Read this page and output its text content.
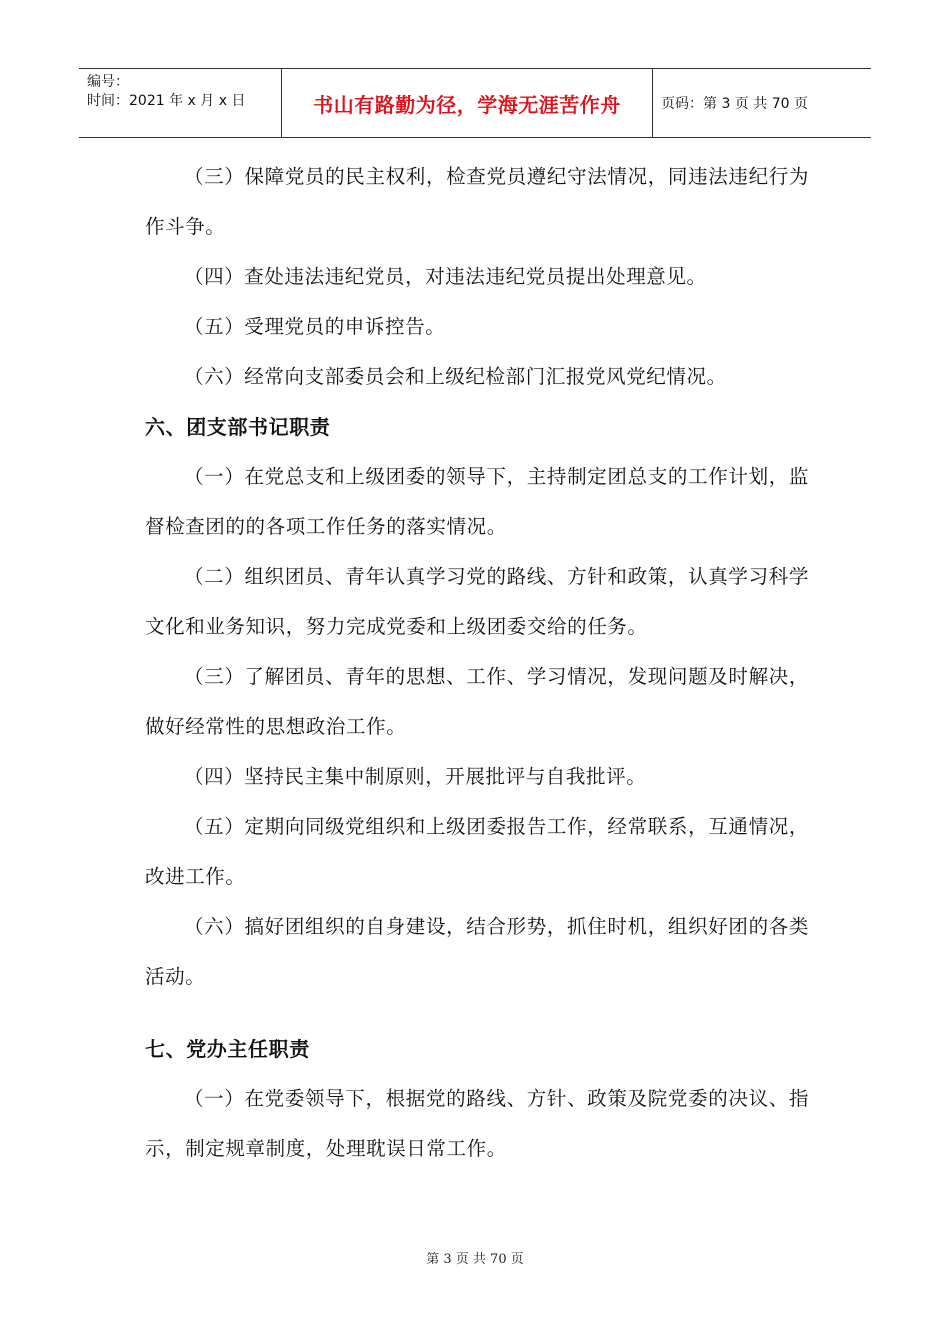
编号：
时间：2021 年 x 月 x 日	书山有路勤为径，学海无涯苦作舟	页码：第 3 页 共 70 页

（三）保障党员的民主权利，检查党员遵纪守法情况，同违法违纪行为作斗争。

（四）查处违法违纪党员，对违法违纪党员提出处理意见。

（五）受理党员的申诉控告。

（六）经常向支部委员会和上级纪检部门汇报党风党纪情况。

六、团支部书记职责

（一）在党总支和上级团委的领导下，主持制定团总支的工作计划，监督检查团的的各项工作任务的落实情况。

（二）组织团员、青年认真学习党的路线、方针和政策，认真学习科学文化和业务知识，努力完成党委和上级团委交给的任务。

（三）了解团员、青年的思想、工作、学习情况，发现问题及时解决，做好经常性的思想政治工作。

（四）坚持民主集中制原则，开展批评与自我批评。

（五）定期向同级党组织和上级团委报告工作，经常联系，互通情况，改进工作。

（六）搞好团组织的自身建设，结合形势，抓住时机，组织好团的各类活动。

七、党办主任职责

（一）在党委领导下，根据党的路线、方针、政策及院党委的决议、指示，制定规章制度，处理耽误日常工作。

第 3 页 共 70 页
